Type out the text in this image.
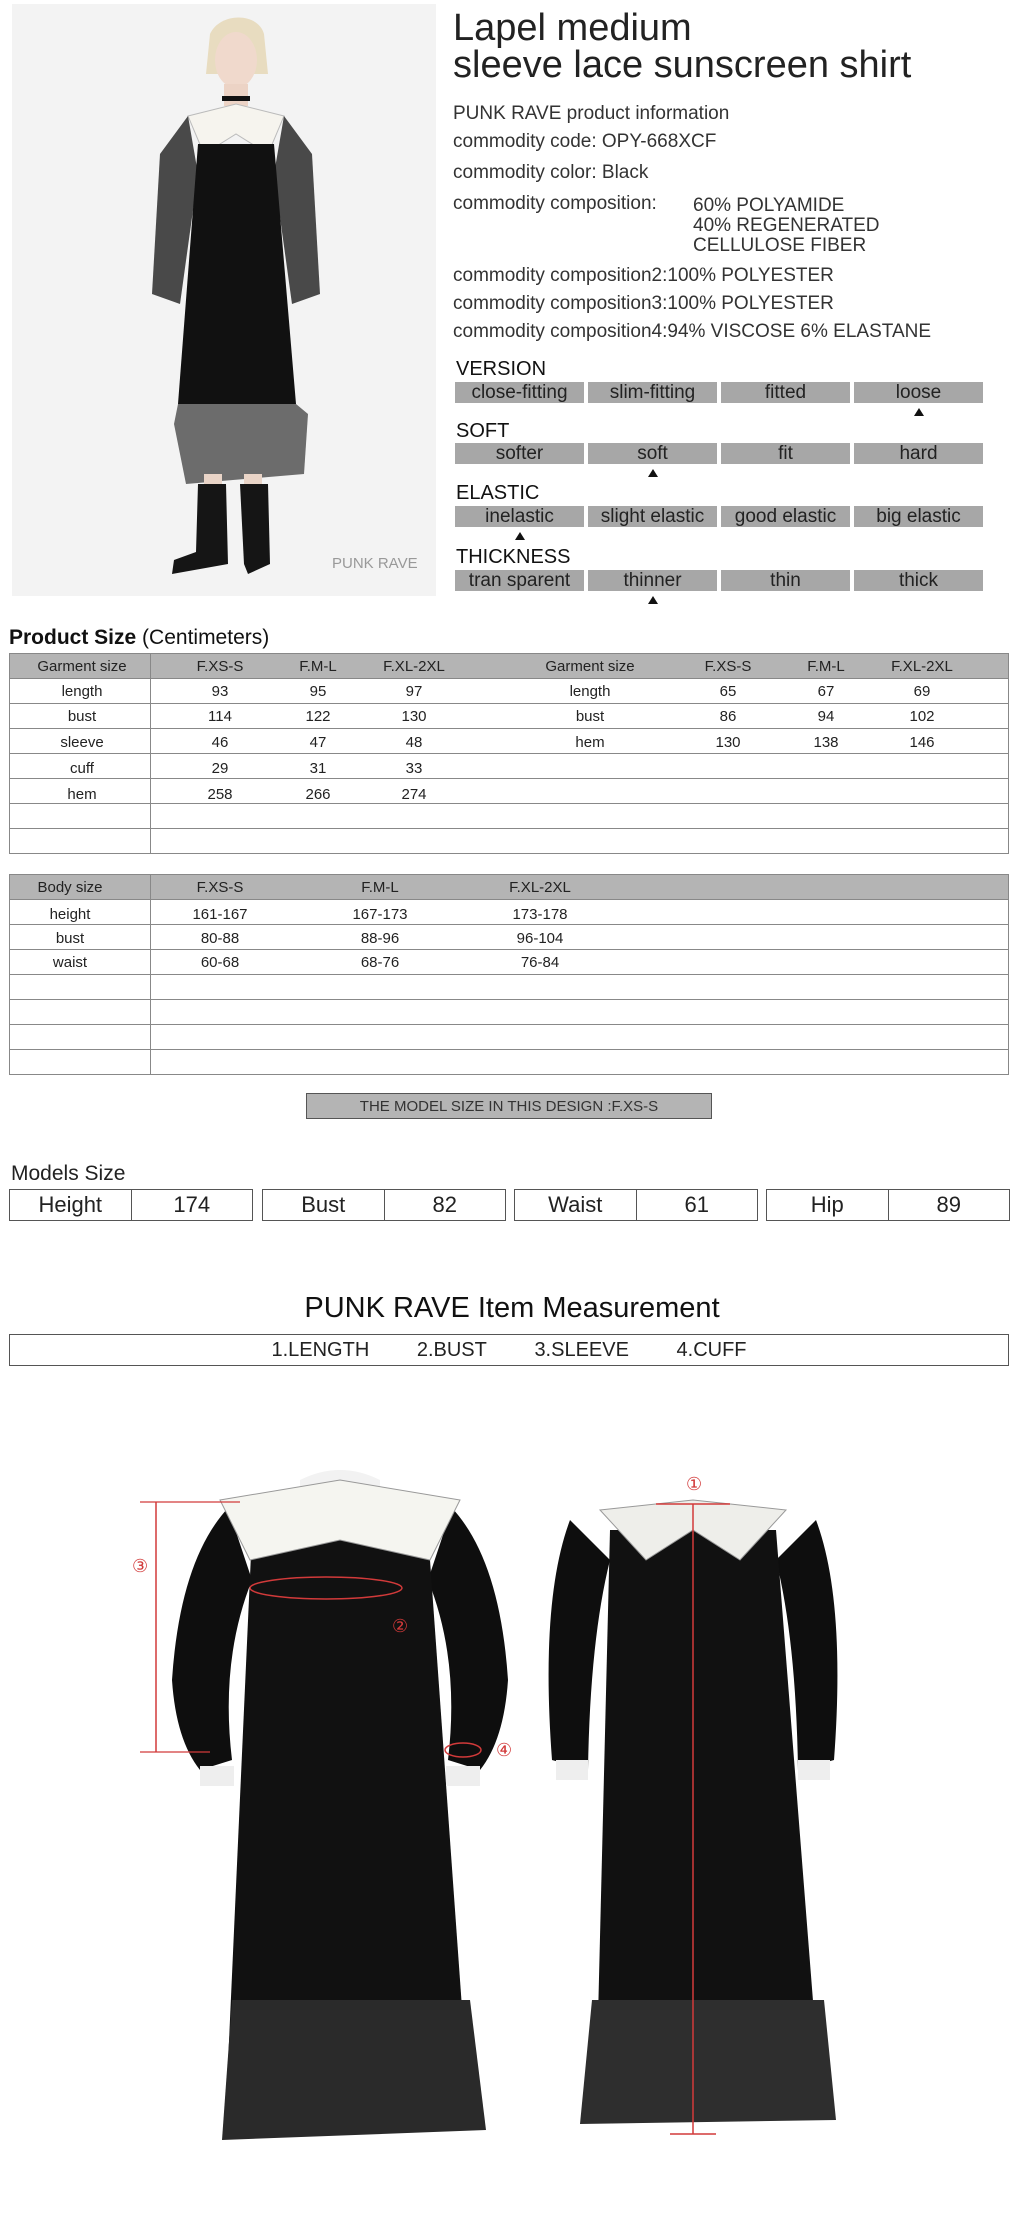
PUNK RAVE
Lapel medium
sleeve lace sunscreen shirt
PUNK RAVE product information
commodity code: OPY-668XCF
commodity color: Black
commodity composition: 60% POLYAMIDE
40% REGENERATED
CELLULOSE FIBER
commodity composition2:100% POLYESTER
commodity composition3:100% POLYESTER
commodity composition4:94% VISCOSE 6% ELASTANE
VERSION
close-fitting	slim-fitting	fitted	loose
SOFT
softer	soft	fit	hard
ELASTIC
inelastic	slight elastic	good elastic	big elastic
THICKNESS
tran sparent	thinner	thin	thick
Product Size (Centimeters)

Garment size	F.XS-S	F.M-L	F.XL-2XL	Garment size	F.XS-S	F.M-L	F.XL-2XL
length	93	95	97	length	65	67	69
bust	114	122	130	bust	86	94	102
sleeve	46	47	48	hem	130	138	146
cuff	29	31	33
hem	258	266	274

Body size	F.XS-S	F.M-L	F.XL-2XL
height	161-167	167-173	173-178
bust	80-88	88-96	96-104
waist	60-68	68-76	76-84
THE MODEL SIZE IN THIS DESIGN :F.XS-S
Models Size
Height	174	Bust	82	Waist	61	Hip	89
PUNK RAVE Item Measurement
1.LENGTH 2.BUST 3.SLEEVE 4.CUFF
③
②
④
①
